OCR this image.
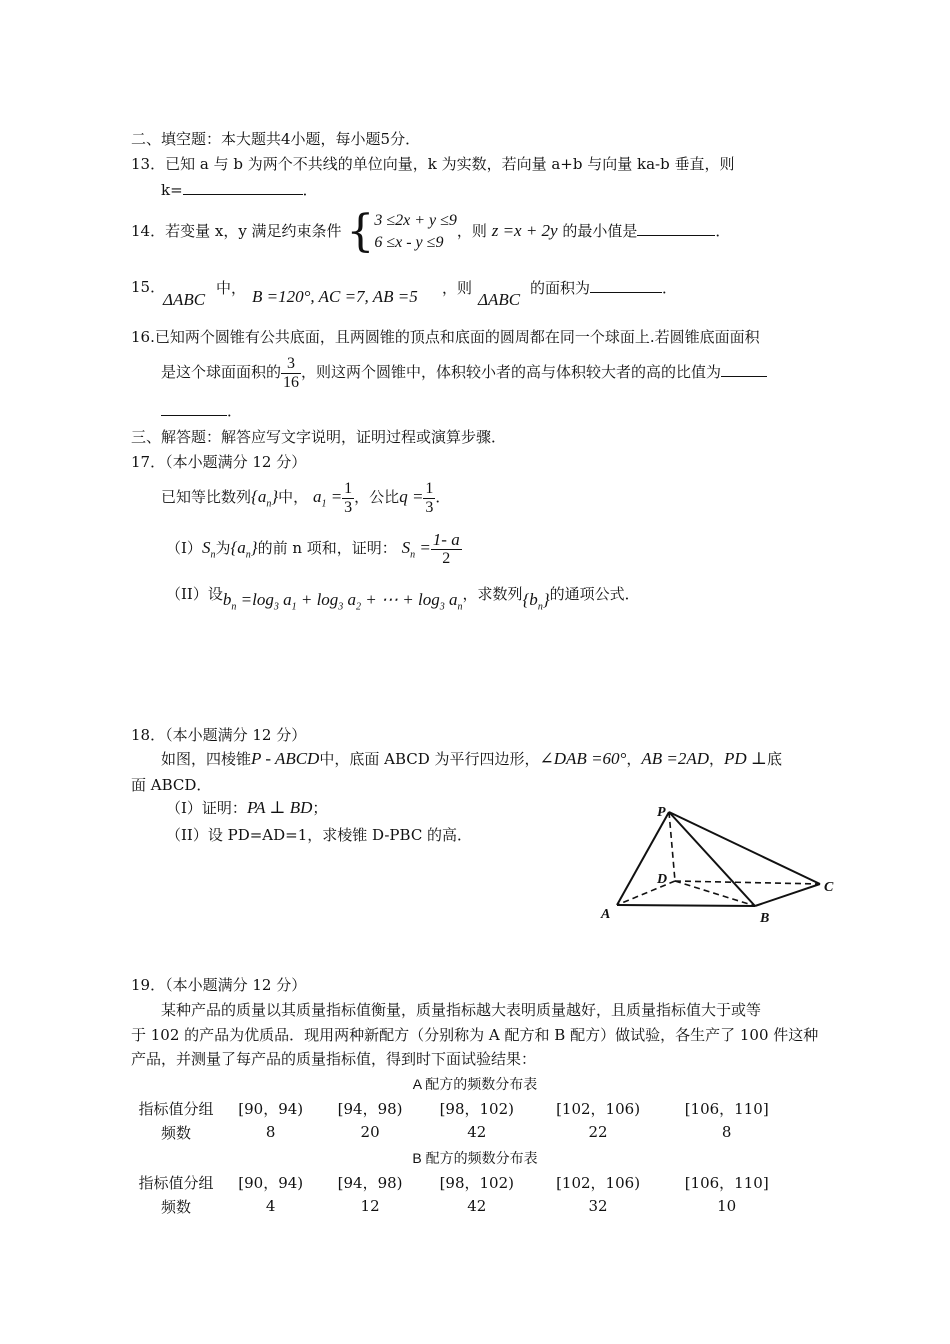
二、填空题：本大题共4小题，每小题5分．
13．已知 a 与 b 为两个不共线的单位向量，k 为实数，若向量 a+b 与向量 ka-b 垂直，则
k=	．
14．若变量 x，y 满足约束条件 { 3 ≤2x + y ≤9
6 ≤x - y ≤9
，则 z =x + 2y 的最小值是	．
15．
ΔABC
中， B =120°, AC =7, AB =5 ，则
ΔABC
的面积为	．
16.已知两个圆锥有公共底面，且两圆锥的顶点和底面的圆周都在同一个球面上.若圆锥底面面积
是这个球面面积的 $\frac{3}{16}$ ，则这两个圆锥中，体积较小者的高与体积较大者的高的比值为
．
三、解答题：解答应写文字说明，证明过程或演算步骤．
17．（本小题满分 12 分）
已知等比数列$\{a_n\}$中， $a_1 = \frac{1}{3}$ ，公比$q = \frac{1}{3}$ ．
$(I)S_n$为$\{a_n\}$的前 n 项和，证明： $S_n = \frac{1- a}{2}$
（II）设$b_n =\log_3$ $a_1 + \log_3 a_2$ + ⋯ + $\log_3 a_n$，求数列$\{b_n\}$的通项公式．
18．（本小题满分 12 分）
如图，四棱锥P - ABCD中，底面 ABCD 为平行四边形，∠DAB =60°，AB =2AD，PD ⊥底
面 ABCD．
（I）证明：PA ⊥ BD；
（II）设 PD=AD=1，求棱锥 D-PBC 的高．
P
D
A	B
C
19．（本小题满分 12 分）
某种产品的质量以其质量指标值衡量，质量指标越大表明质量越好，且质量指标值大于或等
于 102 的产品为优质品．现用两种新配方（分别称为 A 配方和 B 配方）做试验，各生产了 100 件这种
产品，并测量了每产品的质量指标值，得到时下面试验结果：
A 配方的频数分布表
指标值分组	[90，94)	[94，98)	[98，102)	[102，106)	[106，110]
频数	8	20	42	22	8
B 配方的频数分布表
指标值分组	[90，94)	[94，98)	[98，102)	[102，106)	[106，110]
频数	4	12	42	32	10
